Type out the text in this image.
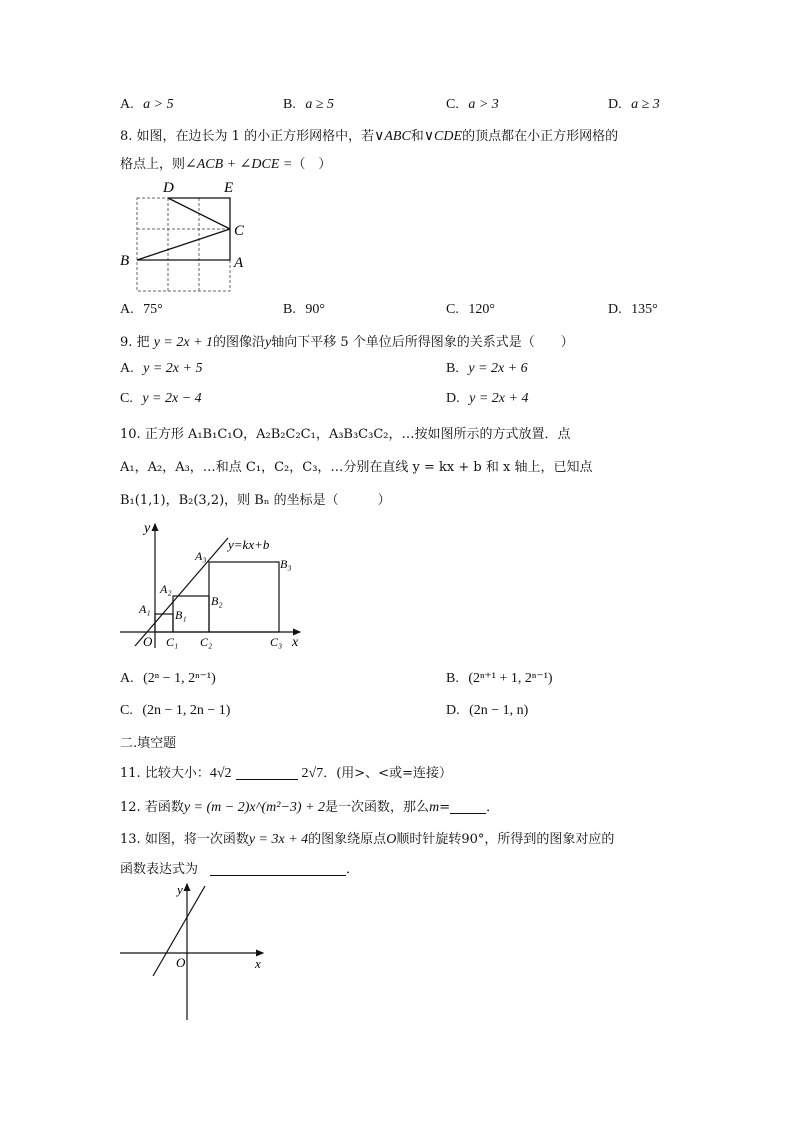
A. a > 5	B. a ≥ 5	C. a > 3	D. a ≥ 3
8. 如图，在边长为 1 的小正方形网格中，若∨ABC和∨CDE的顶点都在小正方形网格的
格点上，则∠ACB + ∠DCE =（　）
D	E
C
B	A
A. 75°	B. 90°	C. 120°	D. 135°
9. 把 y = 2x + 1的图像沿y轴向下平移 5 个单位后所得图象的关系式是（　　）
A. y = 2x + 5	B. y = 2x + 6
C. y = 2x − 4	D. y = 2x + 4
10. 正方形 A₁B₁C₁O，A₂B₂C₂C₁，A₃B₃C₃C₂，…按如图所示的方式放置．点
A₁，A₂，A₃，…和点 C₁，C₂，C₃，…分别在直线 y = kx + b 和 x 轴上，已知点
B₁(1,1)，B₂(3,2)，则 Bₙ 的坐标是（　　　）
y
x
y=kx+b
O
A₁
A₂
A₃
B₁
B₂
B₃
C₁ C₂	C₃
A. (2ⁿ − 1, 2ⁿ⁻¹)	B. (2ⁿ⁺¹ + 1, 2ⁿ⁻¹)
C. (2n − 1, 2n − 1)	D. (2n − 1, n)
二.填空题
11. 比较大小：4√2	2√7．(用>、<或=连接）
12. 若函数y = (m − 2)x^(m²−3) + 2是一次函数，那么m=	．
13. 如图，将一次函数y = 3x + 4的图象绕原点O顺时针旋转90°，所得到的图象对应的
函数表达式为	．
y
x
O
